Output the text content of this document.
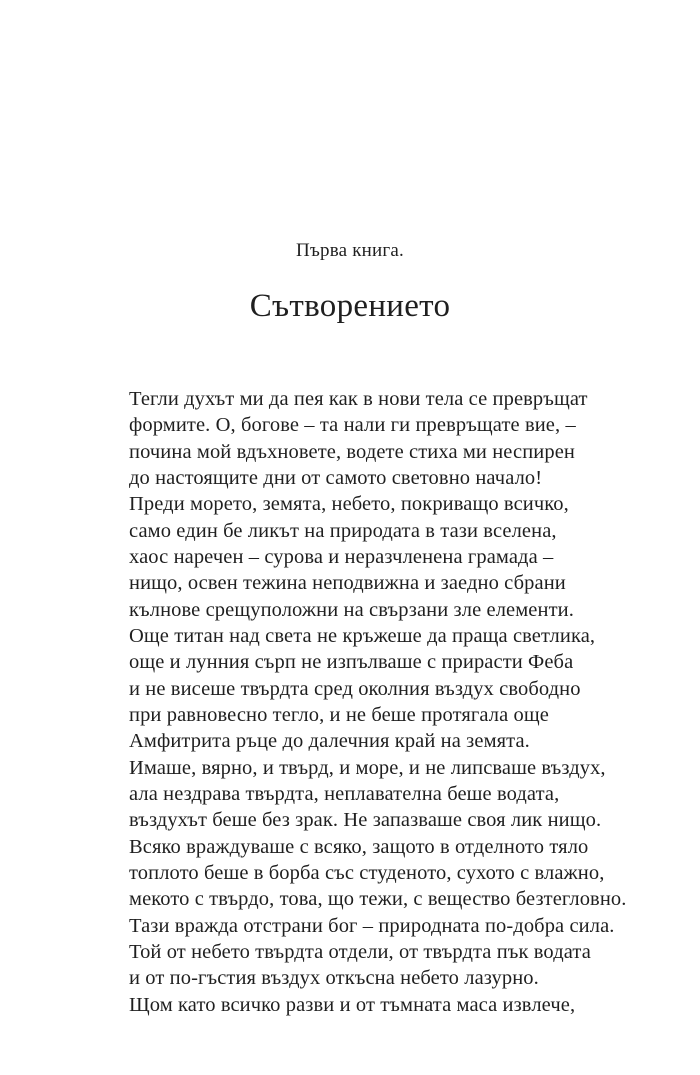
Първа книга.
Сътворението
Тегли духът ми да пея как в нови тела се превръщат
формите. О, богове – та нали ги превръщате вие, –
почина мой вдъхновете, водете стиха ми неспирен
до настоящите дни от самото световно начало!
Преди морето, земята, небето, покриващо всичко,
само един бе ликът на природата в тази вселена,
хаос наречен – сурова и неразчленена грамада –
нищо, освен тежина неподвижна и заедно сбрани
кълнове срещуположни на свързани зле елементи.
Още титан над света не кръжеше да праща светлика,
още и лунния сърп не изпълваше с прирасти Феба
и не висеше твърдта сред околния въздух свободно
при равновесно тегло, и не беше протягала още
Амфитрита ръце до далечния край на земята.
Имаше, вярно, и твърд, и море, и не липсваше въздух,
ала нездрава твърдта, неплавателна беше водата,
въздухът беше без зрак. Не запазваше своя лик нищо.
Всяко враждуваше с всяко, защото в отделното тяло
топлото беше в борба със студеното, сухото с влажно,
мекото с твърдо, това, що тежи, с вещество безтегловно.
Тази вражда отстрани бог – природната по-добра сила.
Той от небето твърдта отдели, от твърдта пък водата
и от по-гъстия въздух откъсна небето лазурно.
Щом като всичко разви и от тъмната маса извлече,
